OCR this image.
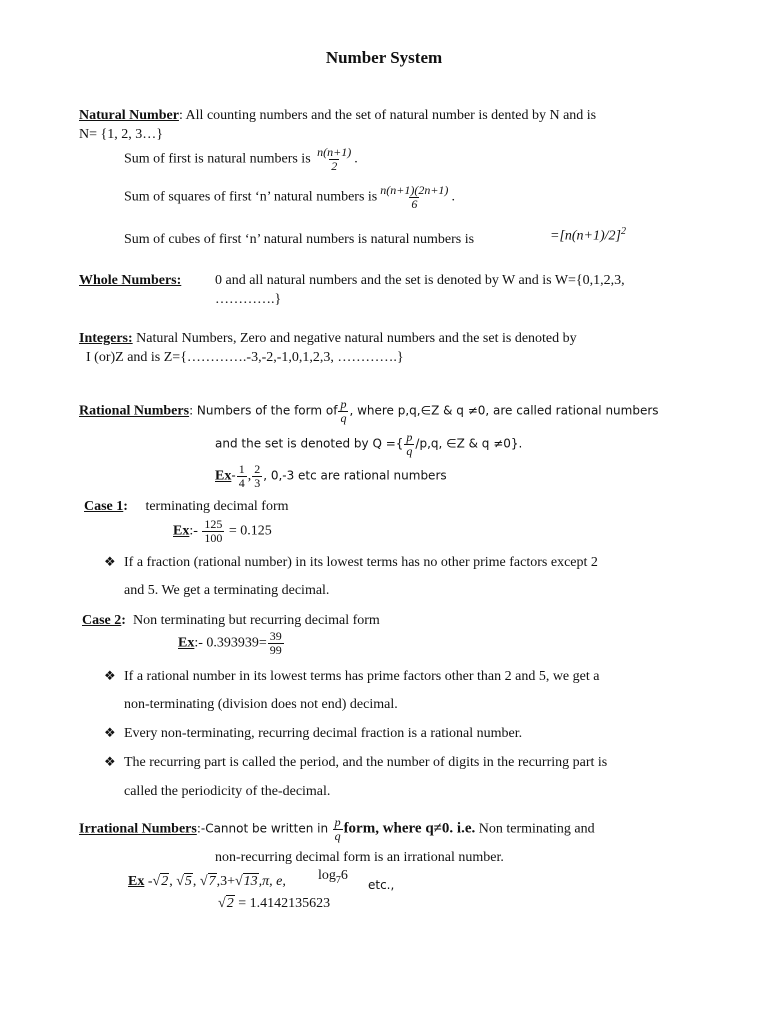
Number System
Natural Number: All counting numbers and the set of natural number is dented by N and is
N= {1, 2, 3…}
Sum of first is natural numbers is $\frac{n(n+1)}{2}$ .
Sum of squares of first ‘n’ natural numbers is $\frac{n(n+1)(2n+1)}{6}$ .
Sum of cubes of first ‘n’ natural numbers is natural numbers is	$=[n(n+1)/2]^2$
Whole Numbers: 0 and all natural numbers and the set is denoted by W and is W={0,1,2,3,
………….}
Integers: Natural Numbers, Zero and negative natural numbers and the set is denoted by
I (or)Z and is Z={………….-3,-2,-1,0,1,2,3, ………….}
Rational Numbers: Numbers of the form of $\frac{p}{q}$ , where p,q,∈Z & q ≠0, are called rational numbers
and the set is denoted by Q ={ $\frac{p}{q} /p,q$, ∈Z & q ≠0}.
$Ex- \frac{1}{4}$ , $\frac{2}{3}$ , 0,-3 etc are rational numbers
Case 1: terminating decimal form
Ex:- $\frac{125}{100} = 0.125$
❖ If a fraction (rational number) in its lowest terms has no other prime factors except 2
and 5. We get a terminating decimal.
Case 2: Non terminating but recurring decimal form
Ex:- $0.393939= \frac{39}{99}$
❖ If a rational number in its lowest terms has prime factors other than 2 and 5, we get a
non-terminating (division does not end) decimal.
❖ Every non-terminating, recurring decimal fraction is a rational number.
❖ The recurring part is called the period, and the number of digits in the recurring part is
called the periodicity of the-decimal.
Irrational Numbers:-Cannot be written in $\frac{p}{q}$ form, where q≠0. i.e. Non terminating and
non-recurring decimal form is an irrational number.
Ex -√2, √5, √7,3+√13,π, e, $\log_76$
etc.,
√2 = 1.4142135623
